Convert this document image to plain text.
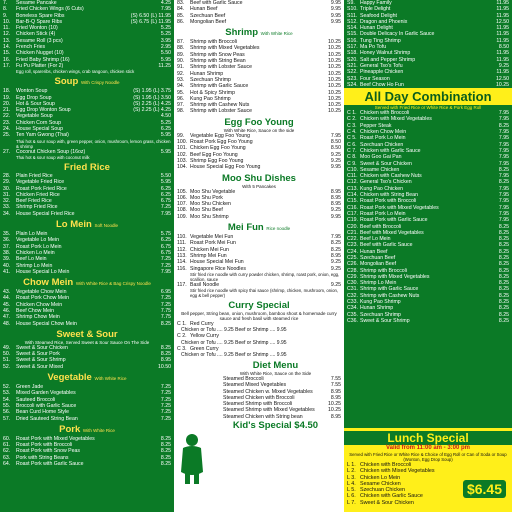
7.	Sesame Pancake	4.25
8.	Fried Chicken Wings (6 Cuts)	7.95
9.	Boneless Spare Ribs	(S) 6.50 (L) 11.95
10.	Bar-B-Q Spare Ribs	(S) 6.75 (L) 11.95
11.	Fried Wonton (10)	5.25
12.	Chicken Stick (4)	5.25
13.	Sesame Roll (3 pcs)	3.95
14.	French Fries	2.95
15.	Chicken Nugget (10)	5.50
16.	Fried Baby Shrimp (16)	5.95
17.	Fu Pu Platter (For 2)	11.25
Egg roll, spareribs, chicken wings, crab rangoon, chicken stick
Soup With Crispy Noodle
18.	Wonton Soup	(S) 1.95 (L) 3.75
19.	Egg Drop Soup	(S) 1.95 (L) 3.50
20.	Hot & Sour Soup	(S) 2.25 (L) 4.25
21.	Egg Drop Wonton Soup	(S) 2.25 (L) 4.25
22.	Vegetable Soup	4.50
23.	Chicken Corn Soup	5.25
24.	House Special Soup	6.25
25.	Ten Yam Gwong (Thai)	5.95
Thai hot & sour soup with, green pepper, onion, mushroom, lemon grass, chicken & shrimp
27.	Coconut Chicken Soup (16oz)	5.95
Thai hot & sour soup with coconut milk
Fried Rice
28.	Plain Fried Rice	5.50
29.	Vegetable Fried Rice	5.95
30.	Roast Pork Fried Rice	6.25
31.	Chicken Fried Rice	6.25
32.	Beef Fried Rice	6.75
33.	Shrimp Fried Rice	7.25
34.	House Special Fried Rice	7.95
Lo Mein Soft Noodle
35.	Plain Lo Mein	5.75
36.	Vegetable Lo Mein	6.25
37.	Roast Pork Lo Mein	6.75
38.	Chicken Lo Mein	6.75
39.	Beef Lo Mein	7.25
40.	Shrimp Lo Mein	7.25
41.	House Special Lo Mein	7.95
Chow Mein With White Rice & Bag Crispy Noodle
43.	Vegetable Chow Mein	6.95
44.	Roast Pork Chow Mein	7.25
45.	Chicken Chow Mein	7.25
46.	Beef Chow Mein	7.75
47.	Shrimp Chow Mein	7.75
48.	House Special Chow Mein	8.25
Sweet & Sour
With Steamed Rice, Served Sweet & Sour Sauce On The Side
49.	Sweet & Sour Chicken	8.25
50.	Sweet & Sour Pork	8.25
51.	Sweet & Sour Shrimp	8.95
52.	Sweet & Sour Mixed	10.50
Vegetable With White Rice
52.	Green Jade	7.25
53.	Mixed Garden Vegetables	7.25
54.	Sauteed Broccoli	7.25
55.	Broccoli with Garlic Sauce	7.25
56.	Bean Curd Home Style	7.25
57.	Dried Sauteed String Bean	7.25
Pork With White Rice
60.	Roast Pork with Mixed Vegetables	8.25
61.	Roast Pork with Broccoli	8.25
62.	Roast Pork with Snow Peas	8.25
63.	Pork with String Beans	8.25
64.	Roast Pork with Garlic Sauce	8.25
83.	Beef with Garlic Sauce	9.95
84.	Hunan Beef	9.95
85.	Szechuan Beef	9.95
86.	Mongolian Beef	9.95
Shrimp With White Rice
87.	Shrimp with Broccoli	10.25
88.	Shrimp with Mixed Vegetables	10.25
89.	Shrimp with Snow Peas	10.25
90.	Shrimp with String Bean	10.25
91.	Shrimp with Lobster Sauce	10.25
92.	Hunan Shrimp	10.25
93.	Szechuan Shrimp	10.25
94.	Shrimp with Garlic Sauce	10.25
95.	Hot & Spicy Shrimp	10.25
96.	Kung Pao Shrimp	10.25
97.	Shrimp with Cashew Nuts	10.25
98.	Shrimp with Lobster Sauce	10.25
Egg Foo Young
With White Rice, Sauce on the side
99.	Vegetable Egg Foo Young	7.95
100. Roast Pork Egg Foo Young	8.50
101. Chicken Egg Foo Young	8.50
102. Beef Egg Foo Young	9.25
103. Shrimp Egg Foo Young	9.25
104. House Special Egg Foo Young	9.95
Moo Shu Dishes
With 5 Pancakes
105. Moo Shu Vegetable	8.95
106. Moo Shu Pork	8.95
107. Moo Shu Chicken	8.95
108. Moo Shu Beef	9.25
109. Moo Shu Shrimp	9.95
Mei Fun Rice noodle
110. Vegetable Mei Fun	7.95
111. Roast Pork Mei Fun	8.25
112. Chicken Mei Fun	8.25
113. Shrimp Mei Fun	8.95
114. House Special Mei Fun	9.25
116. Singapore Rice Noodles	9.25
Stir fried rice noodle with curry powder chicken, shrimp, roast pork, onion, egg, scallion, sauce
117. Basil Noodle	9.25
Stir fried rice noodle with spicy thai sauce (shrimp, chicken, mushroom, onion, egg & bell pepper)
Curry Special
Bell pepper, String bean, onion, mushroom, bamboo shoot & homemade curry sauce and fresh basil with steamed rice
C 1. Red Curry
Chicken or Tofu .... 9.25 Beef or Shrimp .... 9.95
C 2. Yellow Curry
Chicken or Tofu .... 9.25 Beef or Shrimp .... 9.95
C 3. Green Curry
Chicken or Tofu .... 9.25 Beef or Shrimp .... 9.95
Diet Menu
With White Rice, Sauce on the Side
Steamed Broccoli	7.55
Steamed Mixed Vegetables	7.55
Steamed Chicken w. Mixed Vegetables	8.95
Steamed Chicken with Broccoli	8.95
Steamed Shrimp with Broccoli	10.25
Steamed Shrimp with Mixed Vegetables	10.25
Steamed Chicken with String bean	8.95
Kid's Special $4.50
S9.	Happy Family	11.95
S10. Triple Delight	11.95
S11. Seafood Delight	11.95
S12. Dragon and Phoenix	12.50
S14. Hunan Delight	11.95
S15. Double Delicacy In Garlic Sauce	11.95
S16. Tung Ting Shrimp	11.95
S17. Ma Po Tofu	8.50
S18. Honey Walnut Shrimp	11.95
S20. Salt and Pepper Shrimp	11.95
S21. General Tso's Tofu	9.25
S22. Pineapple Chicken	11.95
S23. Four Season	12.50
S24. Beef Chow Ho Fun	10.25
All Day Combination
Served with Fried Rice or White Rice & Pork Egg Roll
C 1. Chicken with Broccoli	7.95
C 2. Chicken with Mixed Vegetables	7.95
C 3. Pepper Steak	8.25
C 4. Chicken Chow Mein	7.95
C 5. Roast Pork Lo Mein	7.95
C 6. Szechuan Chicken	7.95
C 7. Chicken with Garlic Sauce	7.95
C 8. Moo Goo Gai Pan	7.95
C 9. Sweet & Sour Chicken	7.95
C10. Sesame Chicken	8.25
C11. Chicken with Cashew Nuts	7.95
C12. General Tso's Chicken	8.25
C13. Kung Pao Chicken	7.95
C14. Chicken with String Bean	7.95
C15. Roast Pork with Broccoli	7.95
C16. Roast Pork with Mixed Vegetables	7.95
C17. Roast Pork Lo Mein	7.95
C19. Roast Pork with Garlic Sauce	7.95
C20. Beef with Broccoli	8.25
C21. Beef with Mixed Vegetables	8.25
C22. Beef Lo Mein	8.25
C23. Beef with Garlic Sauce	8.25
C24. Hunan Beef	8.25
C25. Szechuan Beef	8.25
C26. Mongolian Beef	8.25
C28. Shrimp with Broccoli	8.25
C29. Shrimp with Mixed Vegetables	8.25
C30. Shrimp Lo Mein	8.25
C31. Shrimp with Garlic Sauce	8.25
C32. Shrimp with Cashew Nuts	8.25
C33. Kung Pao Shrimp	8.25
C34. Hunan Shrimp	8.25
C35. Szechuan Shrimp	8.25
C36. Sweet & Sour Shrimp	8.25
Lunch Special
Valid from 11:00 am - 3:00 pm
Served with Fried Rice or White Rice & Choice of Egg Roll or Can of Soda or Soup (Wonton, Egg Drop Soup)
L 1. Chicken with Broccoli
L 2. Chicken with Mixed Vegetables
L 3. Chicken Lo Mein
L 4. Sesame Chicken
L 5. Szechuan Chicken
L 6. Chicken with Garlic Sauce
L 7. Sweet & Sour Chicken
$6.45
